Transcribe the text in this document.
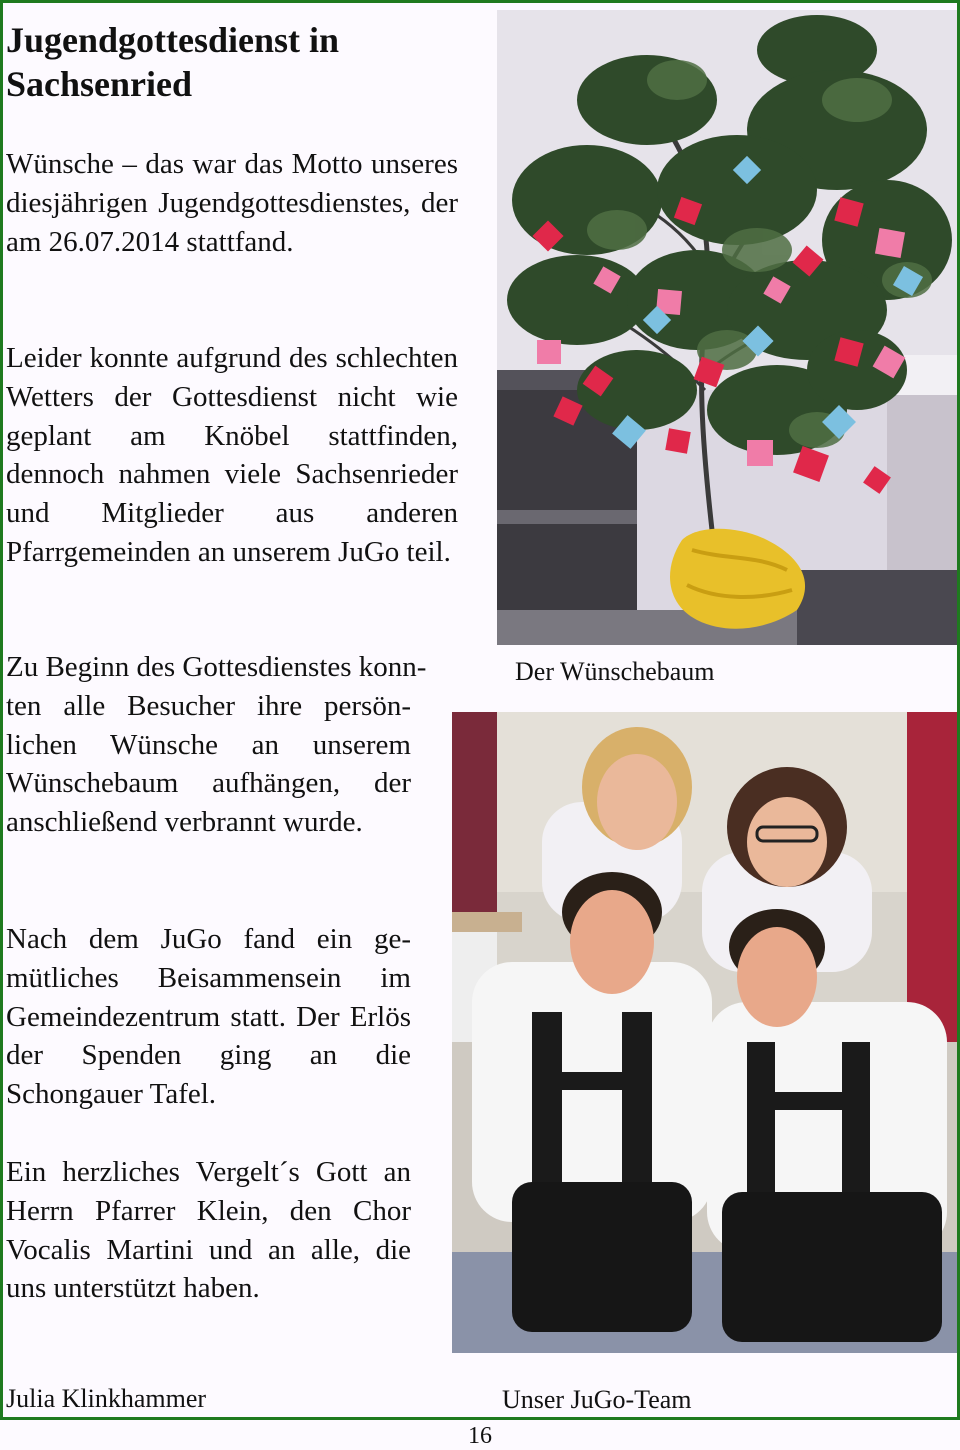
Jugendgottesdienst in
Sachsenried

Wünsche – das war das Motto unseres diesjährigen Jugendgottesdienstes, der am 26.07.2014 stattfand.

Leider konnte aufgrund des schlechten Wetters der Gottesdienst nicht wie geplant am Knöbel stattfinden, dennoch nahmen viele Sachsenrieder und Mitglieder aus anderen Pfarrgemeinden an unserem JuGo teil.

Zu Beginn des Gottesdienstes konn-
ten alle Besucher ihre persönlichen Wünsche an unserem Wünschebaum aufhängen, der anschließend verbrannt wurde.

Nach dem JuGo fand ein gemütliches Beisammensein im Gemeindezentrum statt. Der Erlös der Spenden ging an die Schongauer Tafel.

Ein herzliches Vergelt´s Gott an Herrn Pfarrer Klein, den Chor Vocalis Martini und an alle, die uns unterstützt haben.

Julia Klinkhammer

Der Wünschebaum

Unser JuGo-Team

16
